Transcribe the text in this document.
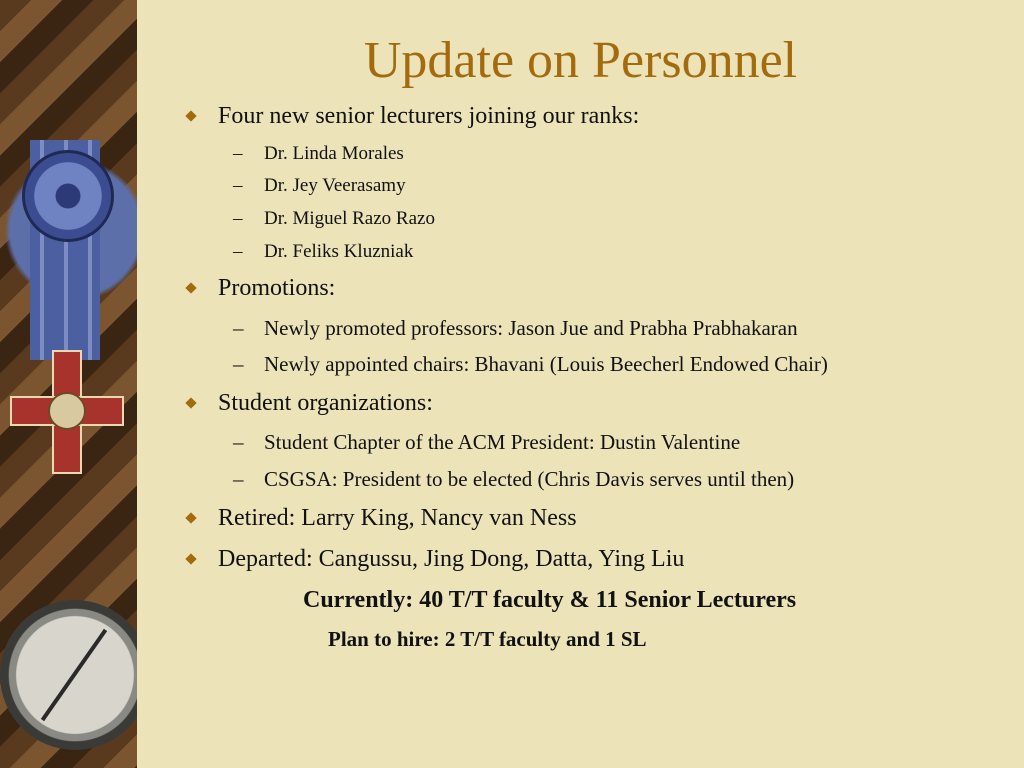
Update on Personnel
Four new senior lecturers joining our ranks:
– Dr. Linda Morales
– Dr. Jey Veerasamy
– Dr. Miguel Razo Razo
– Dr. Feliks Kluzniak
Promotions:
– Newly promoted professors: Jason Jue and Prabha Prabhakaran
– Newly appointed chairs: Bhavani (Louis Beecherl Endowed Chair)
Student organizations:
– Student Chapter of the ACM President: Dustin Valentine
– CSGSA: President to be elected (Chris Davis serves until then)
Retired: Larry King, Nancy van Ness
Departed: Cangussu, Jing Dong, Datta, Ying Liu
Currently: 40 T/T faculty & 11 Senior Lecturers
Plan to hire: 2 T/T faculty and 1 SL
